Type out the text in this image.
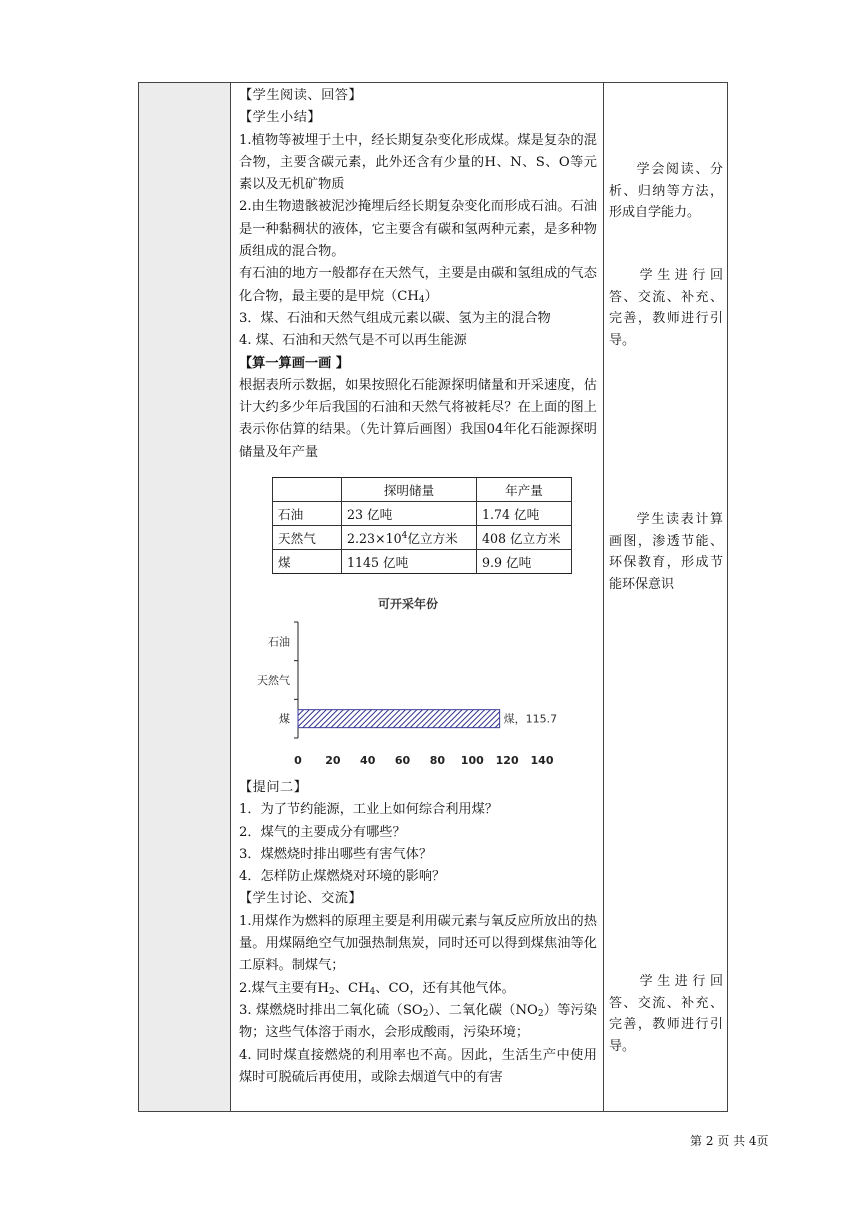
【学生阅读、回答】

【学生小结】

1.植物等被埋于土中，经长期复杂变化形成煤。煤是复杂的混合物，主要含碳元素，此外还含有少量的H、N、S、O等元素以及无机矿物质

2.由生物遗骸被泥沙掩埋后经长期复杂变化而形成石油。石油是一种黏稠状的液体，它主要含有碳和氢两种元素，是多种物质组成的混合物。

有石油的地方一般都存在天然气，主要是由碳和氢组成的气态化合物，最主要的是甲烷$(CH_4)$

3．煤、石油和天然气组成元素以碳、氢为主的混合物

4. 煤、石油和天然气是不可以再生能源

【算一算画一画 】

根据表所示数据，如果按照化石能源探明储量和开采速度，估计大约多少年后我国的石油和天然气将被耗尽？在上面的图上表示你估算的结果。（先计算后画图）我国04年化石能源探明储量及年产量

	探明储量	年产量
石油	23 亿吨	1.74 亿吨
天然气	$2.23\times 10^4$亿立方米	408 亿立方米
煤	1145 亿吨	9.9 亿吨

【提问二】

1．为了节约能源，工业上如何综合利用煤？

2．煤气的主要成分有哪些？

3．煤燃烧时排出哪些有害气体？

4．怎样防止煤燃烧对环境的影响？

【学生讨论、交流】

1.用煤作为燃料的原理主要是利用碳元素与氧反应所放出的热量。用煤隔绝空气加强热制焦炭，同时还可以得到煤焦油等化工原料。制煤气；

2.煤气主要有$H_2$、$CH_4$、CO，还有其他气体。

3. 煤燃烧时排出二氧化硫$(SO_2)$、二氧化碳$(NO_2)$等污染物；这些气体溶于雨水，会形成酸雨，污染环境；

4. 同时煤直接燃烧的利用率也不高。因此，生活生产中使用煤时可脱硫后再使用，或除去烟道气中的有害

学会阅读、分析、归纳等方法，形成自学能力。
学生进行回答、交流、补充、完善，教师进行引导。
学生读表计算画图，渗透节能、环保教育，形成节能环保意识
学生进行回答、交流、补充、完善，教师进行引导。
可开采年份
石油
天然气
煤	煤，115.7
0 20 40 60 80 100 120 140
第 2 页 共 4页
